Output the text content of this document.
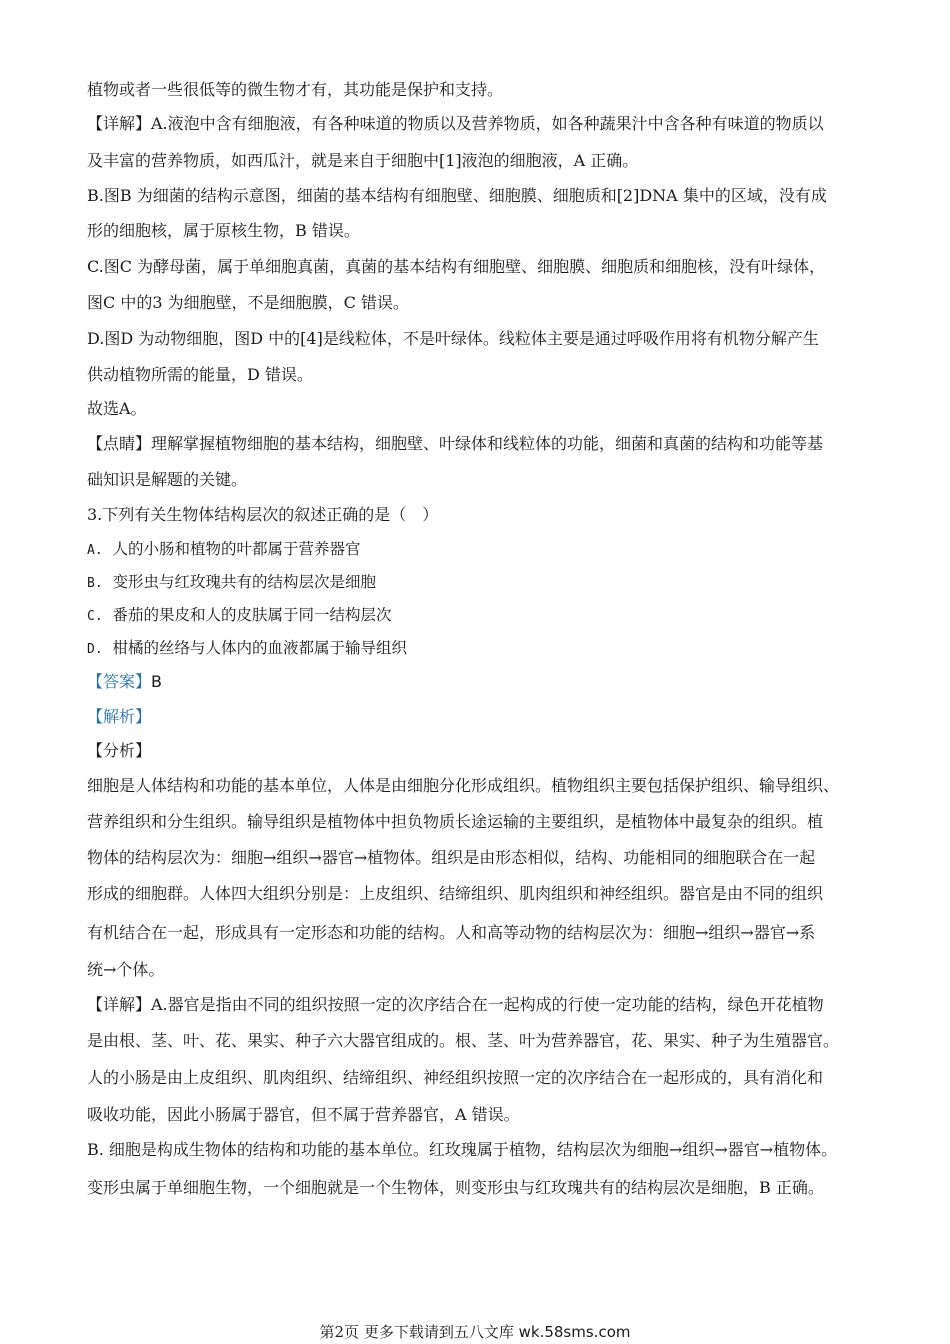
植物或者一些很低等的微生物才有，其功能是保护和支持。
【详解】A.液泡中含有细胞液，有各种味道的物质以及营养物质，如各种蔬果汁中含各种有味道的物质以
及丰富的营养物质，如西瓜汁，就是来自于细胞中[1]液泡的细胞液，A 正确。
B.图B 为细菌的结构示意图，细菌的基本结构有细胞壁、细胞膜、细胞质和[2]DNA 集中的区域，没有成
形的细胞核，属于原核生物，B 错误。
C.图C 为酵母菌，属于单细胞真菌，真菌的基本结构有细胞壁、细胞膜、细胞质和细胞核，没有叶绿体，
图C 中的3 为细胞壁，不是细胞膜，C 错误。
D.图D 为动物细胞，图D 中的[4]是线粒体，不是叶绿体。线粒体主要是通过呼吸作用将有机物分解产生
供动植物所需的能量，D 错误。
故选A。
【点睛】理解掌握植物细胞的基本结构，细胞壁、叶绿体和线粒体的功能，细菌和真菌的结构和功能等基
础知识是解题的关键。
3.下列有关生物体结构层次的叙述正确的是（　）
A. 人的小肠和植物的叶都属于营养器官
B. 变形虫与红玫瑰共有的结构层次是细胞
C. 番茄的果皮和人的皮肤属于同一结构层次
D. 柑橘的丝络与人体内的血液都属于输导组织
【答案】B
【解析】
【分析】
细胞是人体结构和功能的基本单位，人体是由细胞分化形成组织。植物组织主要包括保护组织、输导组织、
营养组织和分生组织。输导组织是植物体中担负物质长途运输的主要组织，是植物体中最复杂的组织。植
物体的结构层次为：细胞→组织→器官→植物体。组织是由形态相似，结构、功能相同的细胞联合在一起
形成的细胞群。人体四大组织分别是：上皮组织、结缔组织、肌肉组织和神经组织。器官是由不同的组织
有机结合在一起，形成具有一定形态和功能的结构。人和高等动物的结构层次为：细胞→组织→器官→系
统→个体。
【详解】A.器官是指由不同的组织按照一定的次序结合在一起构成的行使一定功能的结构，绿色开花植物
是由根、茎、叶、花、果实、种子六大器官组成的。根、茎、叶为营养器官，花、果实、种子为生殖器官。
人的小肠是由上皮组织、肌肉组织、结缔组织、神经组织按照一定的次序结合在一起形成的，具有消化和
吸收功能，因此小肠属于器官，但不属于营养器官，A 错误。
B. 细胞是构成生物体的结构和功能的基本单位。红玫瑰属于植物，结构层次为细胞→组织→器官→植物体。
变形虫属于单细胞生物，一个细胞就是一个生物体，则变形虫与红玫瑰共有的结构层次是细胞，B 正确。
第2页 更多下载请到五八文库 wk.58sms.com
